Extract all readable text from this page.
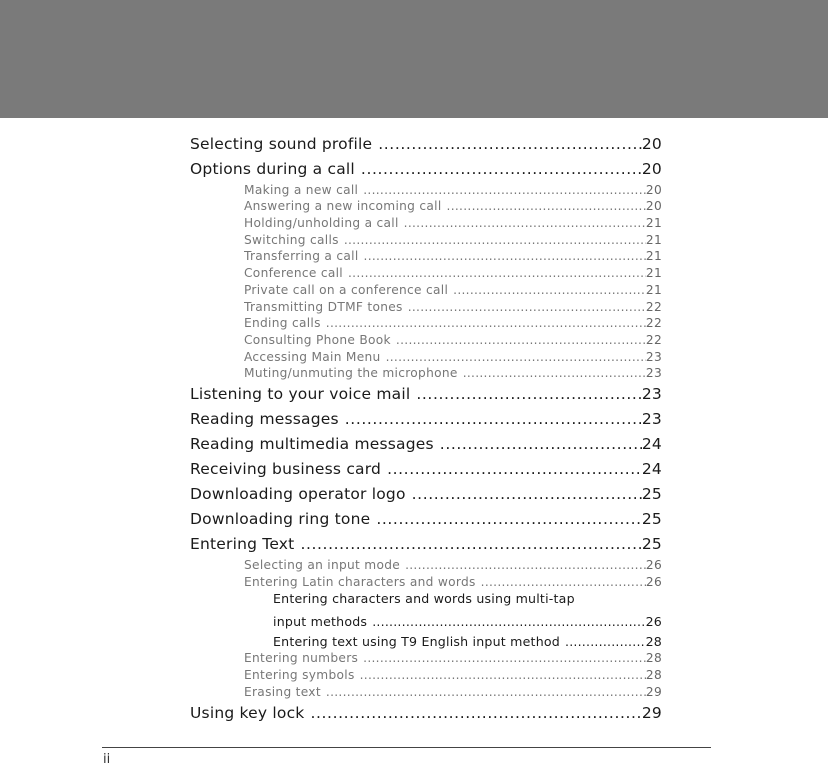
Selecting sound profile .....	20
Options during a call .....	20
Making a new call .....	20
Answering a new incoming call .....	20
Holding/unholding a call .....	21
Switching calls .....	21
Transferring a call .....	21
Conference call .....	21
Private call on a conference call .....	21
Transmitting DTMF tones .....	22
Ending calls .....	22
Consulting Phone Book .....	22
Accessing Main Menu .....	23
Muting/unmuting the microphone .....	23
Listening to your voice mail .....	23
Reading messages .....	23
Reading multimedia messages .....	24
Receiving business card .....	24
Downloading operator logo .....	25
Downloading ring tone .....	25
Entering Text .....	25
Selecting an input mode .....	26
Entering Latin characters and words .....	26
Entering characters and words using multi-tap
input methods .....	26
Entering text using T9 English input method .....	28
Entering numbers .....	28
Entering symbols .....	28
Erasing text .....	29
Using key lock .....	29
ii
